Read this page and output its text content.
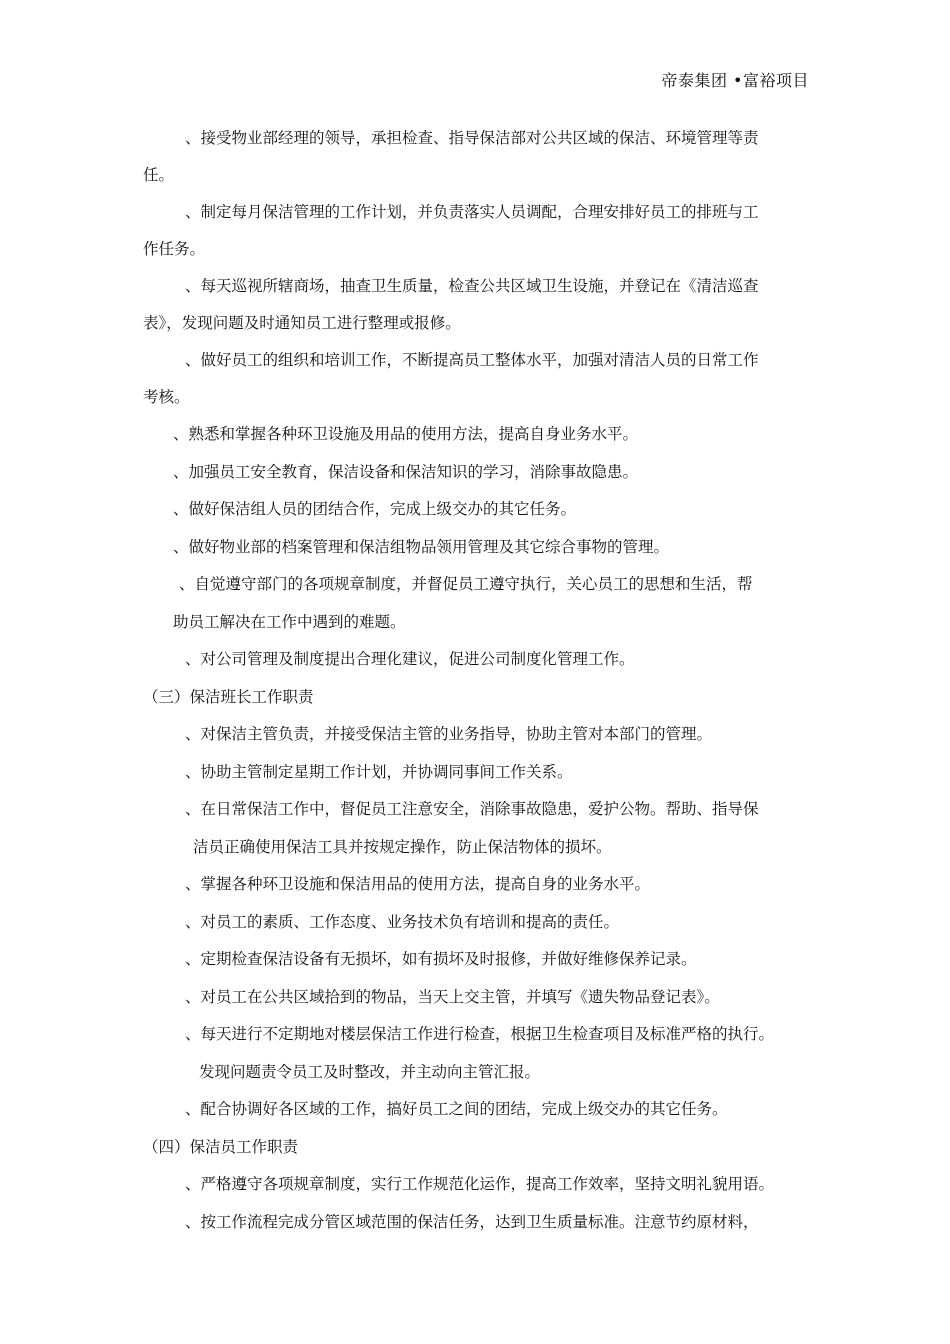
帝泰集团 •富裕项目

、接受物业部经理的领导，承担检查、指导保洁部对公共区域的保洁、环境管理等责

任。

、制定每月保洁管理的工作计划，并负责落实人员调配，合理安排好员工的排班与工

作任务。

、每天巡视所辖商场，抽查卫生质量，检查公共区域卫生设施，并登记在《清洁巡查

表》，发现问题及时通知员工进行整理或报修。

、做好员工的组织和培训工作，不断提高员工整体水平，加强对清洁人员的日常工作

考核。

、熟悉和掌握各种环卫设施及用品的使用方法，提高自身业务水平。

、加强员工安全教育，保洁设备和保洁知识的学习，消除事故隐患。

、做好保洁组人员的团结合作，完成上级交办的其它任务。

、做好物业部的档案管理和保洁组物品领用管理及其它综合事物的管理。

、自觉遵守部门的各项规章制度，并督促员工遵守执行，关心员工的思想和生活，帮

助员工解决在工作中遇到的难题。

、对公司管理及制度提出合理化建议，促进公司制度化管理工作。

（三）保洁班长工作职责

、对保洁主管负责，并接受保洁主管的业务指导，协助主管对本部门的管理。

、协助主管制定星期工作计划，并协调同事间工作关系。

、在日常保洁工作中，督促员工注意安全，消除事故隐患，爱护公物。帮助、指导保

洁员正确使用保洁工具并按规定操作，防止保洁物体的损坏。

、掌握各种环卫设施和保洁用品的使用方法，提高自身的业务水平。

、对员工的素质、工作态度、业务技术负有培训和提高的责任。

、定期检查保洁设备有无损坏，如有损坏及时报修，并做好维修保养记录。

、对员工在公共区域拾到的物品，当天上交主管，并填写《遗失物品登记表》。

、每天进行不定期地对楼层保洁工作进行检查，根据卫生检查项目及标准严格的执行。

发现问题责令员工及时整改，并主动向主管汇报。

、配合协调好各区域的工作，搞好员工之间的团结，完成上级交办的其它任务。

（四）保洁员工作职责

、严格遵守各项规章制度，实行工作规范化运作，提高工作效率，坚持文明礼貌用语。

、按工作流程完成分管区域范围的保洁任务，达到卫生质量标准。注意节约原材料，
